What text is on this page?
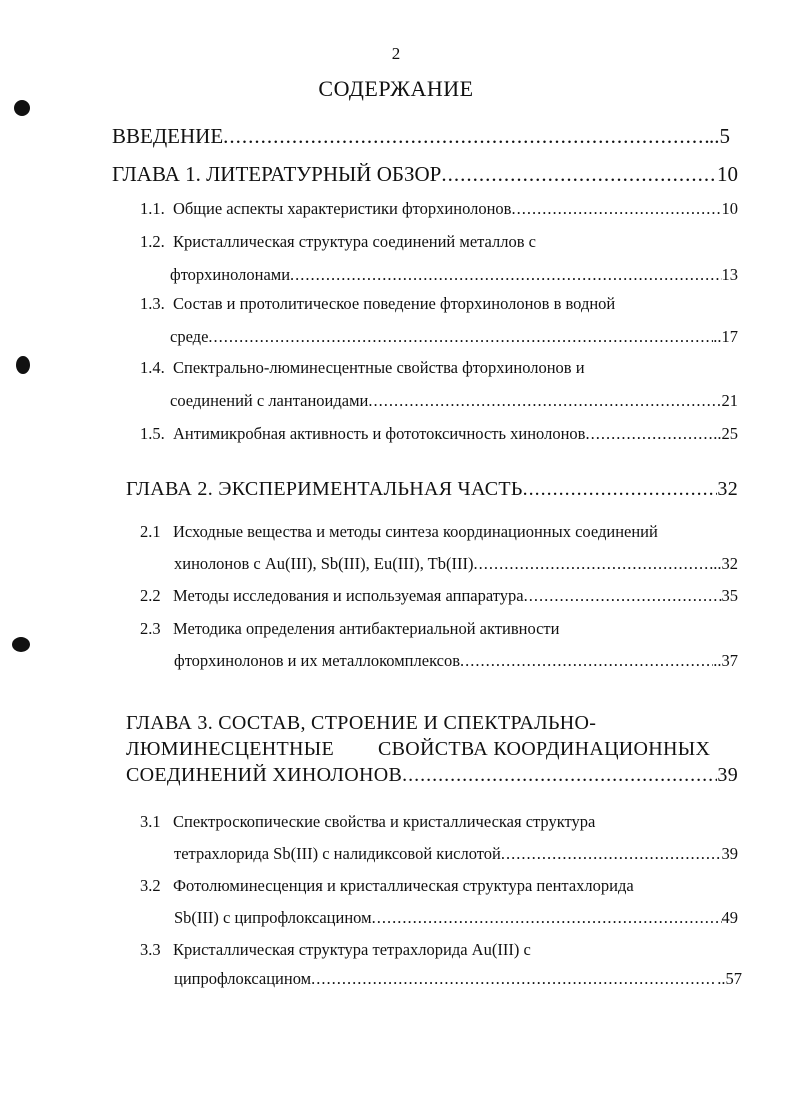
2
СОДЕРЖАНИЕ
ВВЕДЕНИЕ .....	..5
ГЛАВА 1. ЛИТЕРАТУРНЫЙ ОБЗОР .....	10
1.1. Общие аспекты характеристики фторхинолонов .....	10
1.2. Кристаллическая структура соединений металлов с
фторхинолонами .....	13
1.3. Состав и протолитическое поведение фторхинолонов в водной
среде .....	..17
1.4. Спектрально-люминесцентные свойства фторхинолонов и
соединений с лантаноидами .....	21
1.5. Антимикробная активность и фототоксичность хинолонов .....	..25
ГЛАВА 2. ЭКСПЕРИМЕНТАЛЬНАЯ ЧАСТЬ .....	32
2.1 Исходные вещества и методы синтеза координационных соединений
хинолонов с Au(III), Sb(III), Eu(III), Tb(III) .....	..32
2.2 Методы исследования и используемая аппаратура .....	35
2.3 Методика определения антибактериальной активности
фторхинолонов и их металлокомплексов .....	..37
ГЛАВА 3. СОСТАВ, СТРОЕНИЕ И СПЕКТРАЛЬНО-
ЛЮМИНЕСЦЕНТНЫЕ СВОЙСТВА КООРДИНАЦИОННЫХ
СОЕДИНЕНИЙ ХИНОЛОНОВ .....	39
3.1 Спектроскопические свойства и кристаллическая структура
тетрахлорида Sb(III) с налидиксовой кислотой .....	39
3.2 Фотолюминесценция и кристаллическая структура пентахлорида
Sb(III) с ципрофлоксацином .....	49
3.3 Кристаллическая структура тетрахлорида Au(III) с
ципрофлоксацином .....	..57
